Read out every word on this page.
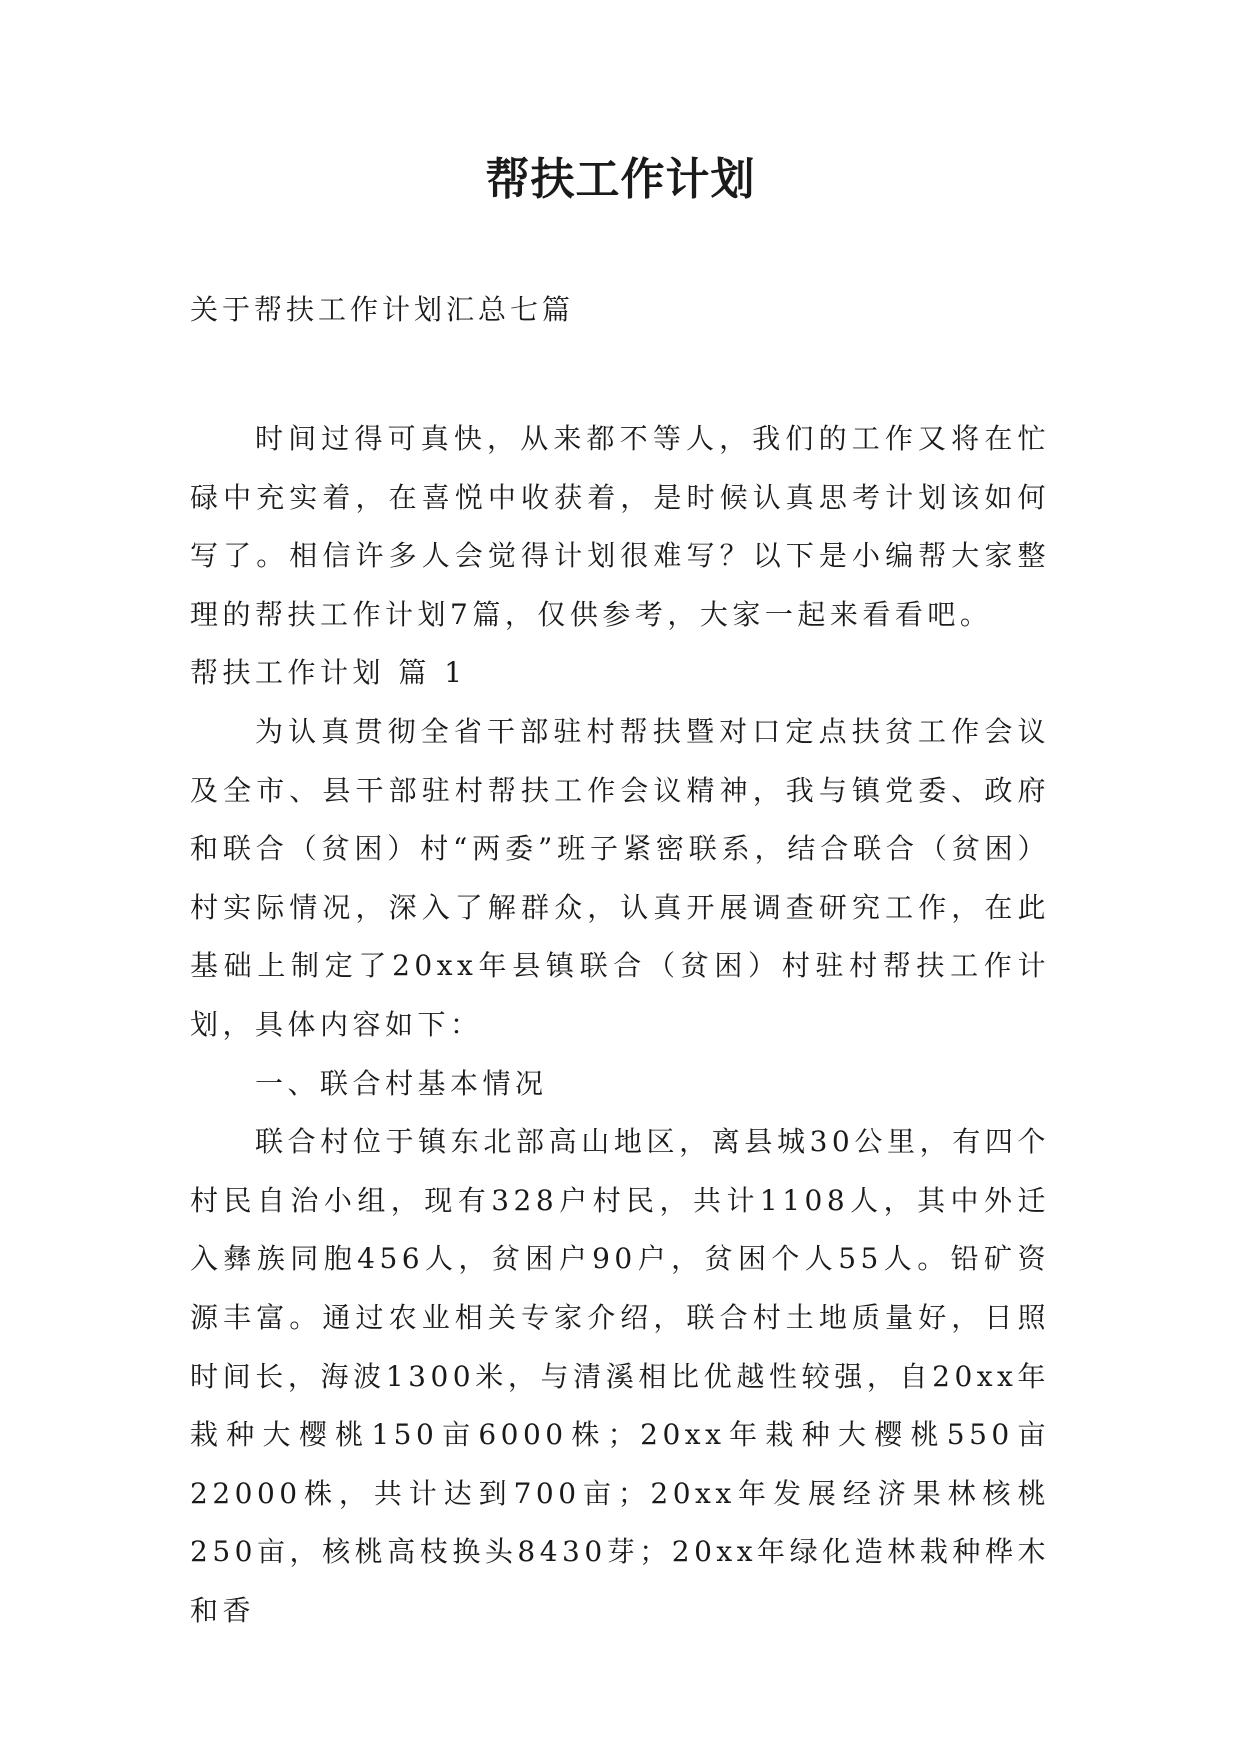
帮扶工作计划

关于帮扶工作计划汇总七篇

时间过得可真快，从来都不等人，我们的工作又将在忙碌中充实着，在喜悦中收获着，是时候认真思考计划该如何写了。相信许多人会觉得计划很难写？以下是小编帮大家整理的帮扶工作计划7篇，仅供参考，大家一起来看看吧。

帮扶工作计划 篇 1

为认真贯彻全省干部驻村帮扶暨对口定点扶贫工作会议及全市、县干部驻村帮扶工作会议精神，我与镇党委、政府和联合（贫困）村“两委”班子紧密联系，结合联合（贫困）村实际情况，深入了解群众，认真开展调查研究工作，在此基础上制定了20xx年县镇联合（贫困）村驻村帮扶工作计划，具体内容如下：

一、联合村基本情况

联合村位于镇东北部高山地区，离县城30公里，有四个村民自治小组，现有328户村民，共计1108人，其中外迁入彝族同胞456人，贫困户90户，贫困个人55人。铅矿资源丰富。通过农业相关专家介绍，联合村土地质量好，日照时间长，海波1300米，与清溪相比优越性较强，自20xx年栽种大樱桃150亩6000株；20xx年栽种大樱桃550亩22000株，共计达到700亩；20xx年发展经济果林核桃250亩，核桃高枝换头8430芽；20xx年绿化造林栽种桦木和香
